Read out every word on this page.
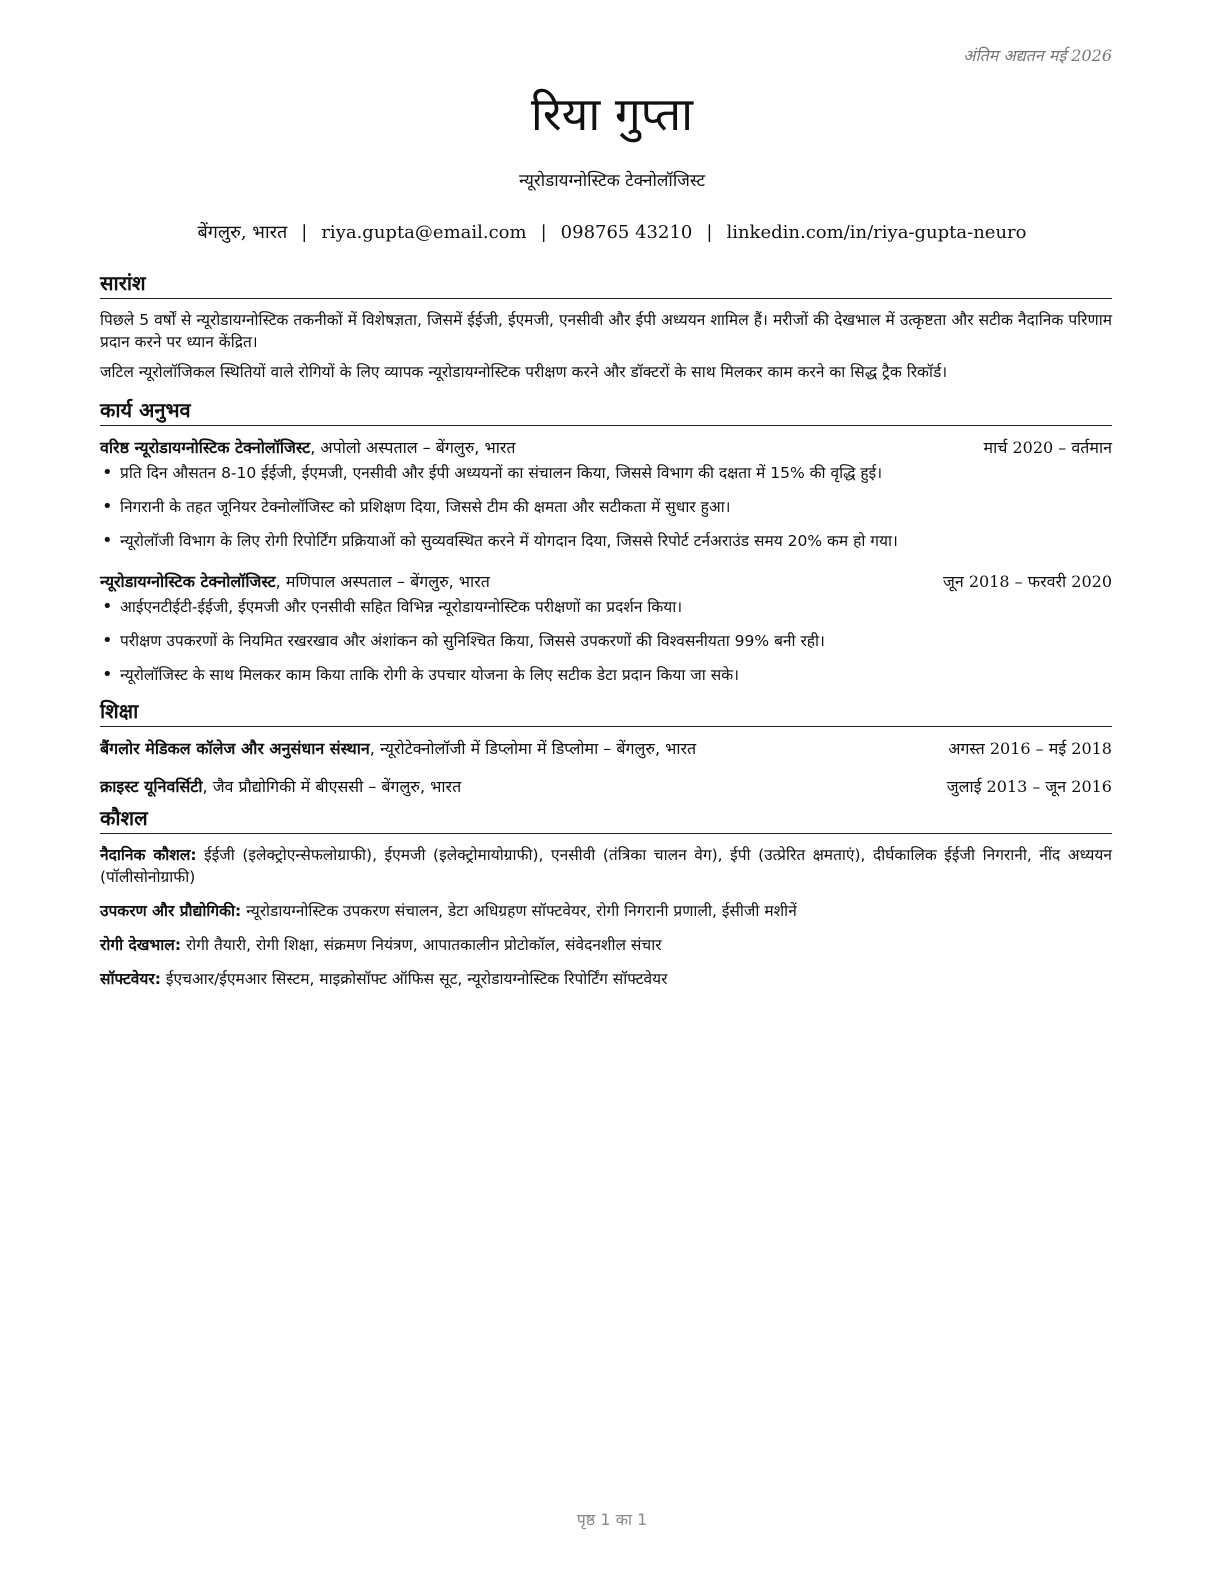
अंतिम अद्यतन मई 2026
रिया गुप्ता
न्यूरोडायग्नोस्टिक टेक्नोलॉजिस्ट
बेंगलुरु, भारत | riya.gupta@email.com | 098765 43210 | linkedin.com/in/riya-gupta-neuro
सारांश

पिछले 5 वर्षों से न्यूरोडायग्नोस्टिक तकनीकों में विशेषज्ञता, जिसमें ईईजी, ईएमजी, एनसीवी और ईपी अध्ययन शामिल हैं। मरीजों की देखभाल में उत्कृष्टता और सटीक नैदानिक परिणाम प्रदान करने पर ध्यान केंद्रित।

जटिल न्यूरोलॉजिकल स्थितियों वाले रोगियों के लिए व्यापक न्यूरोडायग्नोस्टिक परीक्षण करने और डॉक्टरों के साथ मिलकर काम करने का सिद्ध ट्रैक रिकॉर्ड।

कार्य अनुभव
वरिष्ठ न्यूरोडायग्नोस्टिक टेक्नोलॉजिस्ट, अपोलो अस्पताल – बेंगलुरु, भारत	मार्च 2020 – वर्तमान
• प्रति दिन औसतन 8-10 ईईजी, ईएमजी, एनसीवी और ईपी अध्ययनों का संचालन किया, जिससे विभाग की दक्षता में 15% की वृद्धि हुई।
• निगरानी के तहत जूनियर टेक्नोलॉजिस्ट को प्रशिक्षण दिया, जिससे टीम की क्षमता और सटीकता में सुधार हुआ।
• न्यूरोलॉजी विभाग के लिए रोगी रिपोर्टिंग प्रक्रियाओं को सुव्यवस्थित करने में योगदान दिया, जिससे रिपोर्ट टर्नअराउंड समय 20% कम हो गया।
न्यूरोडायग्नोस्टिक टेक्नोलॉजिस्ट, मणिपाल अस्पताल – बेंगलुरु, भारत	जून 2018 – फरवरी 2020
• आईएनटीईटी-ईईजी, ईएमजी और एनसीवी सहित विभिन्न न्यूरोडायग्नोस्टिक परीक्षणों का प्रदर्शन किया।
• परीक्षण उपकरणों के नियमित रखरखाव और अंशांकन को सुनिश्चित किया, जिससे उपकरणों की विश्वसनीयता 99% बनी रही।
• न्यूरोलॉजिस्ट के साथ मिलकर काम किया ताकि रोगी के उपचार योजना के लिए सटीक डेटा प्रदान किया जा सके।
शिक्षा
बैंगलोर मेडिकल कॉलेज और अनुसंधान संस्थान, न्यूरोटेक्नोलॉजी में डिप्लोमा में डिप्लोमा – बेंगलुरु, भारत	अगस्त 2016 – मई 2018
क्राइस्ट यूनिवर्सिटी, जैव प्रौद्योगिकी में बीएससी – बेंगलुरु, भारत	जुलाई 2013 – जून 2016
कौशल
नैदानिक कौशल: ईईजी (इलेक्ट्रोएन्सेफलोग्राफी), ईएमजी (इलेक्ट्रोमायोग्राफी), एनसीवी (तंत्रिका चालन वेग), ईपी (उत्प्रेरित क्षमताएं), दीर्घकालिक ईईजी निगरानी, नींद अध्ययन (पॉलीसोनोग्राफी)
उपकरण और प्रौद्योगिकी: न्यूरोडायग्नोस्टिक उपकरण संचालन, डेटा अधिग्रहण सॉफ्टवेयर, रोगी निगरानी प्रणाली, ईसीजी मशीनें
रोगी देखभाल: रोगी तैयारी, रोगी शिक्षा, संक्रमण नियंत्रण, आपातकालीन प्रोटोकॉल, संवेदनशील संचार
सॉफ्टवेयर: ईएचआर/ईएमआर सिस्टम, माइक्रोसॉफ्ट ऑफिस सूट, न्यूरोडायग्नोस्टिक रिपोर्टिंग सॉफ्टवेयर
पृष्ठ 1 का 1
